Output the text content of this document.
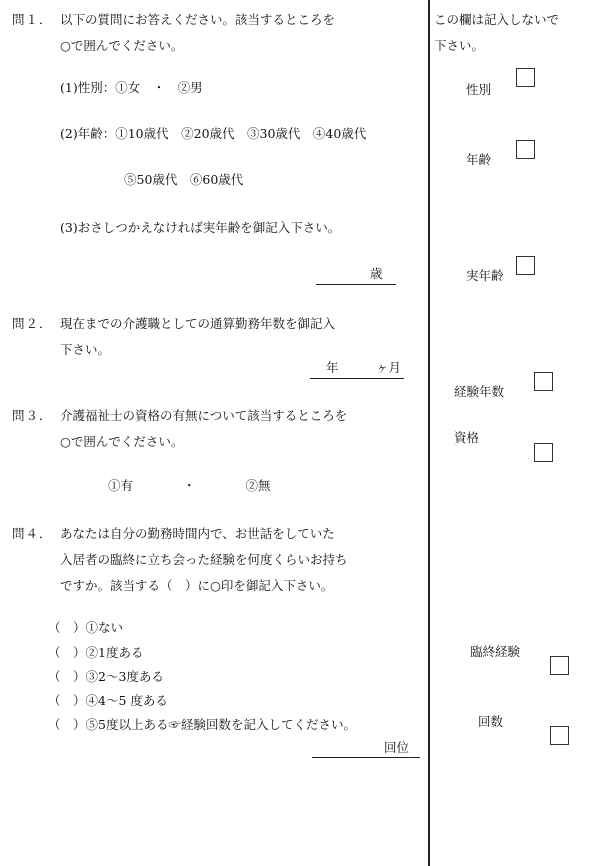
問１． 以下の質問にお答えください。該当するところを
○で囲んでください。
(1)性別：①女　・　②男
(2)年齢：①10歳代　②20歳代　③30歳代　④40歳代
⑤50歳代　⑥60歳代
(3)おさしつかえなければ実年齢を御記入下さい。
歳
問２． 現在までの介護職としての通算勤務年数を御記入
下さい。
年	ヶ月
問３． 介護福祉士の資格の有無について該当するところを
○で囲んでください。
①有　　　　・　　　　②無
問４． あなたは自分の勤務時間内で、お世話をしていた
入居者の臨終に立ち会った経験を何度くらいお持ち
ですか。該当する（　）に○印を御記入下さい。
（　）①ない
（　）②1度ある
（　）③2～3度ある
（　）④4～5 度ある
（　）⑤5度以上ある☞経験回数を記入してください。
回位
この欄は記入しないで
下さい。
性別
年齢
実年齢
経験年数
資格
臨終経験
回数
